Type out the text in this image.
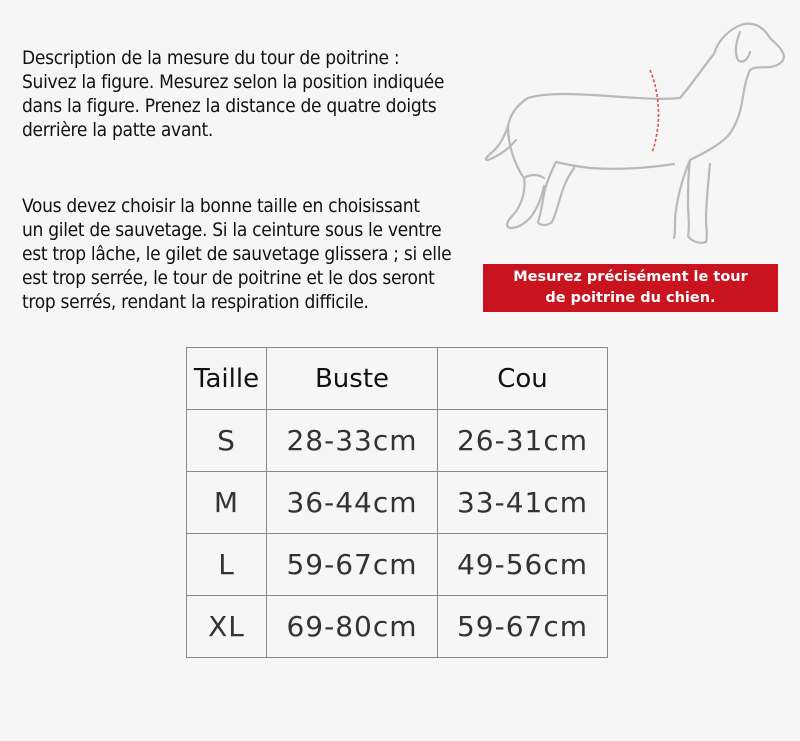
Description de la mesure du tour de poitrine :
Suivez la figure. Mesurez selon la position indiquée
dans la figure. Prenez la distance de quatre doigts
derrière la patte avant.
Vous devez choisir la bonne taille en choisissant
un gilet de sauvetage. Si la ceinture sous le ventre
est trop lâche, le gilet de sauvetage glissera ; si elle
est trop serrée, le tour de poitrine et le dos seront
trop serrés, rendant la respiration difficile.
Mesurez précisément le tour
de poitrine du chien.
Taille	Buste	Cou
S	28-33cm	26-31cm
M	36-44cm	33-41cm
L	59-67cm	49-56cm
XL	69-80cm	59-67cm
